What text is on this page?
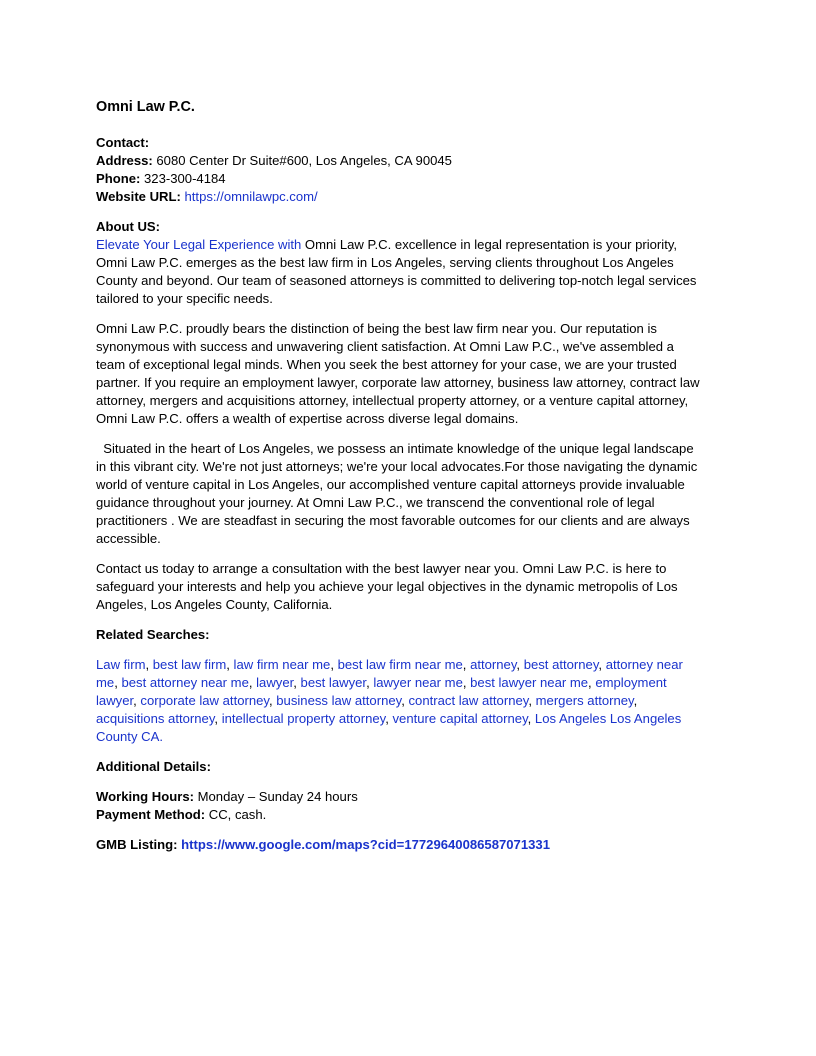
Omni Law P.C.

Contact:
Address: 6080 Center Dr Suite#600, Los Angeles, CA 90045
Phone: 323-300-4184
Website URL: https://omnilawpc.com/

About US:
Elevate Your Legal Experience with Omni Law P.C. excellence in legal representation is your priority, Omni Law P.C. emerges as the best law firm in Los Angeles, serving clients throughout Los Angeles County and beyond. Our team of seasoned attorneys is committed to delivering top-notch legal services tailored to your specific needs.

Omni Law P.C. proudly bears the distinction of being the best law firm near you. Our reputation is synonymous with success and unwavering client satisfaction. At Omni Law P.C., we've assembled a team of exceptional legal minds. When you seek the best attorney for your case, we are your trusted partner. If you require an employment lawyer, corporate law attorney, business law attorney, contract law attorney, mergers and acquisitions attorney, intellectual property attorney, or a venture capital attorney, Omni Law P.C. offers a wealth of expertise across diverse legal domains.

Situated in the heart of Los Angeles, we possess an intimate knowledge of the unique legal landscape in this vibrant city. We're not just attorneys; we're your local advocates.For those navigating the dynamic world of venture capital in Los Angeles, our accomplished venture capital attorneys provide invaluable guidance throughout your journey. At Omni Law P.C., we transcend the conventional role of legal practitioners . We are steadfast in securing the most favorable outcomes for our clients and are always accessible.

Contact us today to arrange a consultation with the best lawyer near you. Omni Law P.C. is here to safeguard your interests and help you achieve your legal objectives in the dynamic metropolis of Los Angeles, Los Angeles County, California.

Related Searches:

Law firm, best law firm, law firm near me, best law firm near me, attorney, best attorney, attorney near me, best attorney near me, lawyer, best lawyer, lawyer near me, best lawyer near me, employment lawyer, corporate law attorney, business law attorney, contract law attorney, mergers attorney, acquisitions attorney, intellectual property attorney, venture capital attorney, Los Angeles Los Angeles County CA.

Additional Details:

Working Hours: Monday – Sunday 24 hours
Payment Method: CC, cash.

GMB Listing: https://www.google.com/maps?cid=17729640086587071331
